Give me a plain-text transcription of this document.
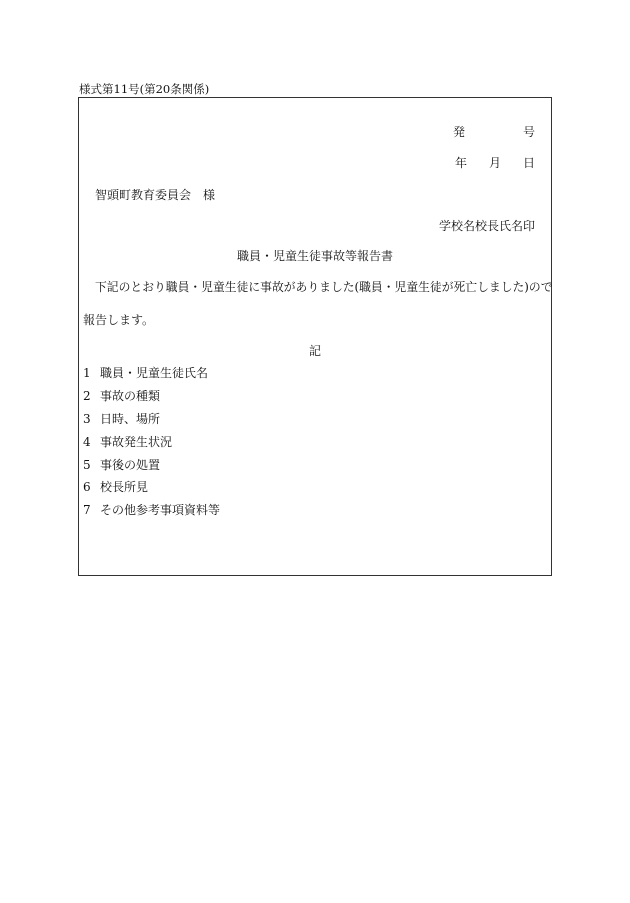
様式第11号(第20条関係)
発	号
年 月 日
智頭町教育委員会　様
学校名校長氏名印
職員・児童生徒事故等報告書
下記のとおり職員・児童生徒に事故がありました(職員・児童生徒が死亡しました)ので
報告します。
記
1 職員・児童生徒氏名
2 事故の種類
3 日時、場所
4 事故発生状況
5 事後の処置
6 校長所見
7 その他参考事項資料等
